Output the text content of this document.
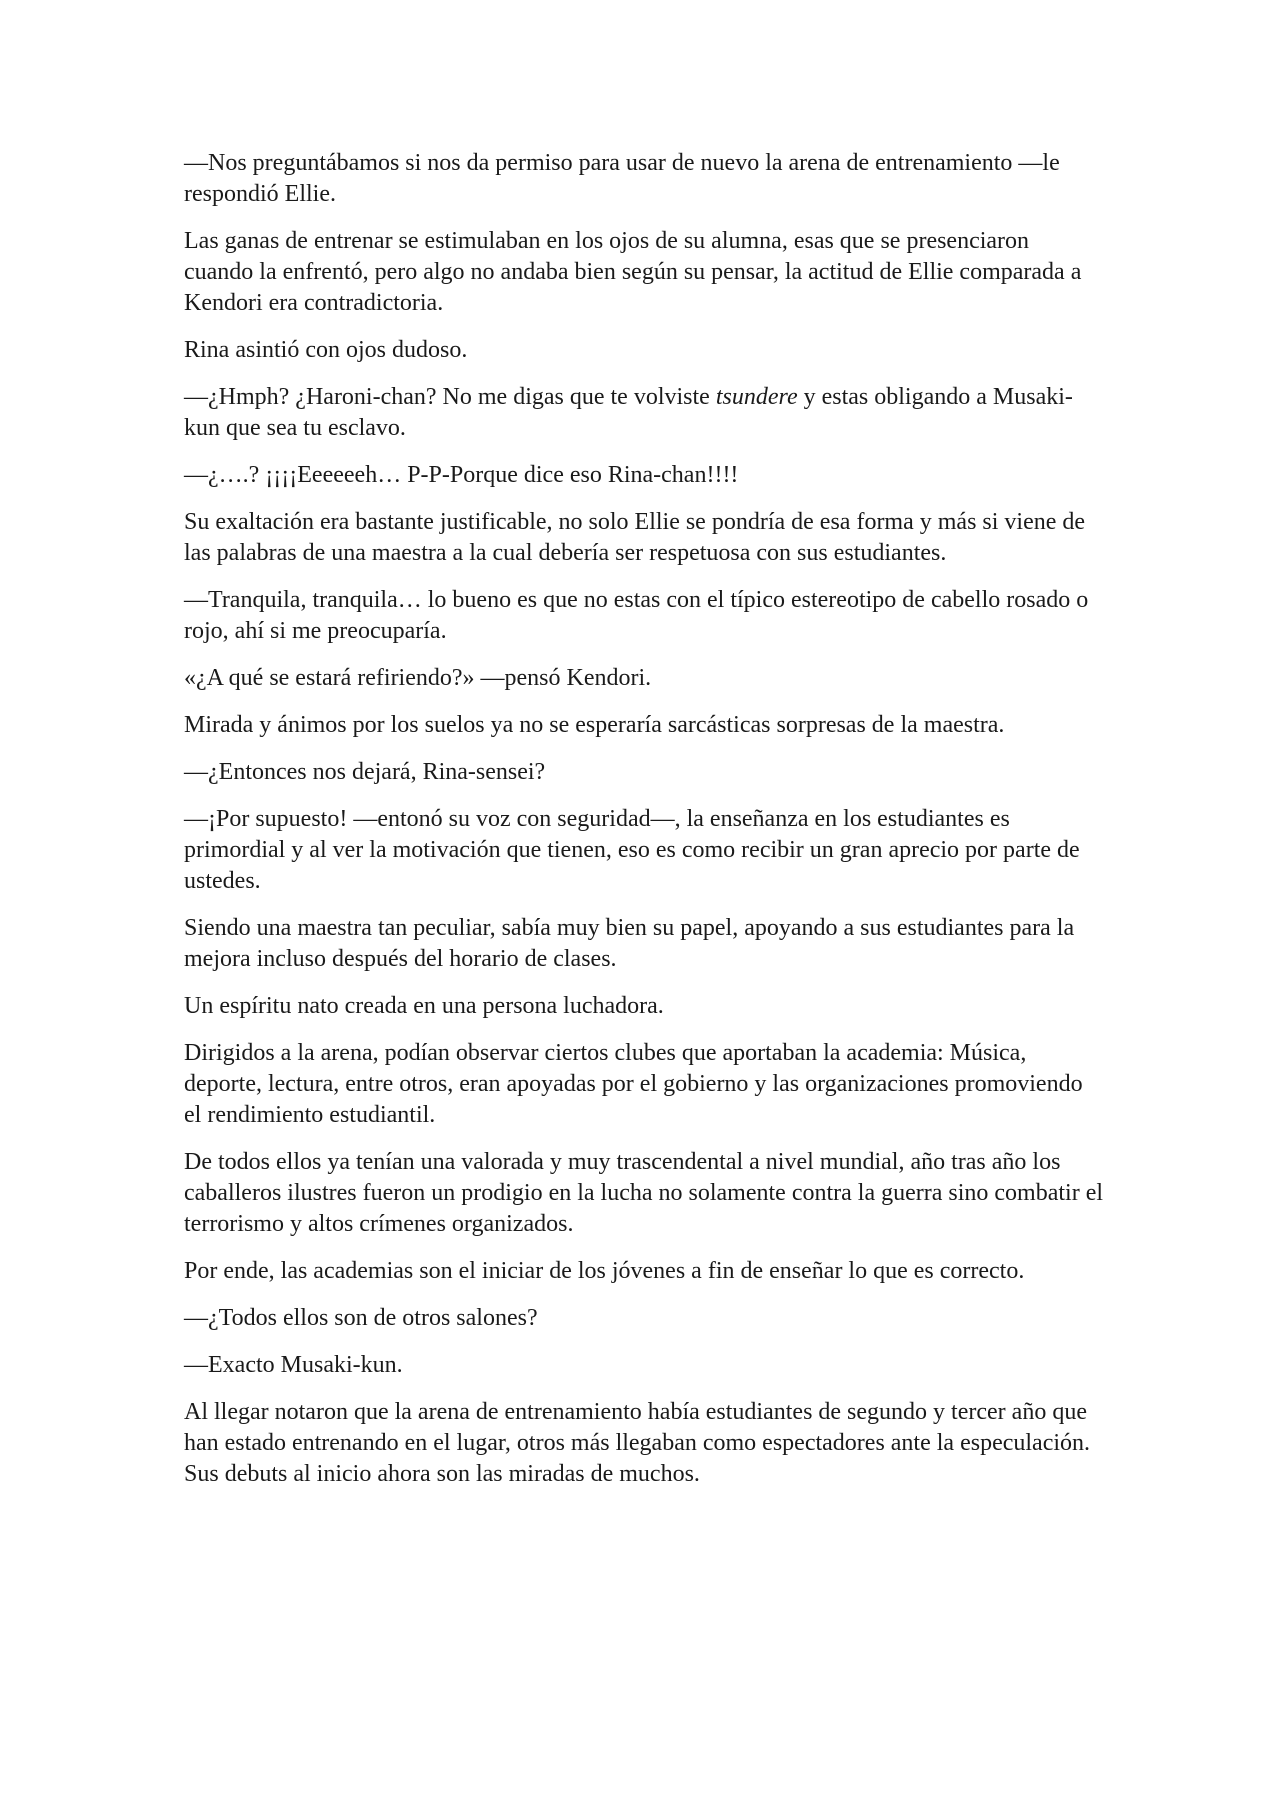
—Nos preguntábamos si nos da permiso para usar de nuevo la arena de entrenamiento —le respondió Ellie.

Las ganas de entrenar se estimulaban en los ojos de su alumna, esas que se presenciaron cuando la enfrentó, pero algo no andaba bien según su pensar, la actitud de Ellie comparada a Kendori era contradictoria.

Rina asintió con ojos dudoso.

—¿Hmph? ¿Haroni-chan? No me digas que te volviste tsundere y estas obligando a Musaki-kun que sea tu esclavo.

—¿….? ¡¡¡¡Eeeeeeh… P-P-Porque dice eso Rina-chan!!!!

Su exaltación era bastante justificable, no solo Ellie se pondría de esa forma y más si viene de las palabras de una maestra a la cual debería ser respetuosa con sus estudiantes.

—Tranquila, tranquila… lo bueno es que no estas con el típico estereotipo de cabello rosado o rojo, ahí si me preocuparía.

«¿A qué se estará refiriendo?» —pensó Kendori.

Mirada y ánimos por los suelos ya no se esperaría sarcásticas sorpresas de la maestra.

—¿Entonces nos dejará, Rina-sensei?

—¡Por supuesto! —entonó su voz con seguridad—, la enseñanza en los estudiantes es primordial y al ver la motivación que tienen, eso es como recibir un gran aprecio por parte de ustedes.

Siendo una maestra tan peculiar, sabía muy bien su papel, apoyando a sus estudiantes para la mejora incluso después del horario de clases.

Un espíritu nato creada en una persona luchadora.

Dirigidos a la arena, podían observar ciertos clubes que aportaban la academia: Música, deporte, lectura, entre otros, eran apoyadas por el gobierno y las organizaciones promoviendo el rendimiento estudiantil.

De todos ellos ya tenían una valorada y muy trascendental a nivel mundial, año tras año los caballeros ilustres fueron un prodigio en la lucha no solamente contra la guerra sino combatir el terrorismo y altos crímenes organizados.

Por ende, las academias son el iniciar de los jóvenes a fin de enseñar lo que es correcto.

—¿Todos ellos son de otros salones?

—Exacto Musaki-kun.

Al llegar notaron que la arena de entrenamiento había estudiantes de segundo y tercer año que han estado entrenando en el lugar, otros más llegaban como espectadores ante la especulación. Sus debuts al inicio ahora son las miradas de muchos.
